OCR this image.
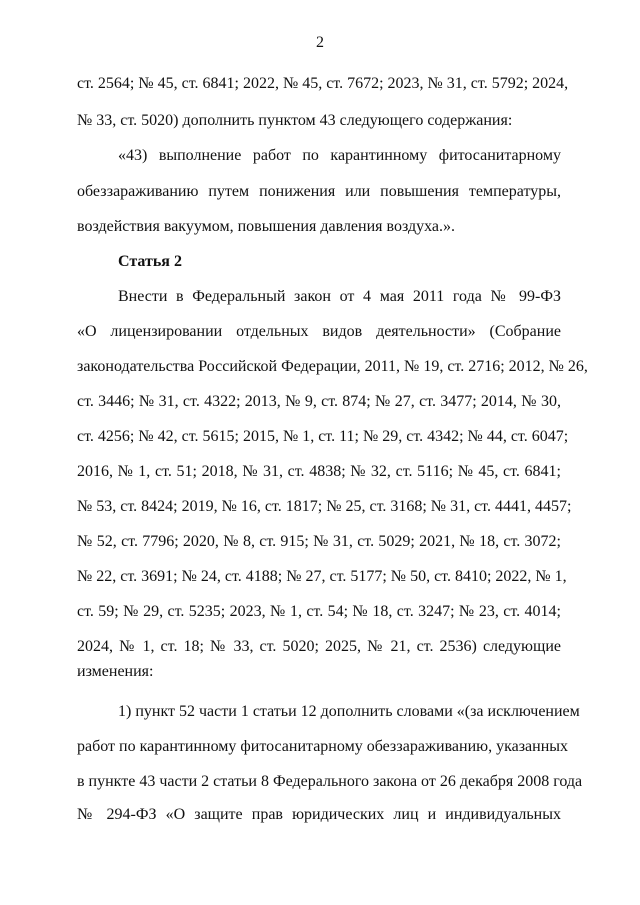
2
ст. 2564; № 45, ст. 6841; 2022, № 45, ст. 7672; 2023, № 31, ст. 5792; 2024,
№ 33, ст. 5020) дополнить пунктом 43 следующего содержания:
«43) выполнение работ по карантинному фитосанитарному
обеззараживанию путем понижения или повышения температуры,
воздействия вакуумом, повышения давления воздуха.».
Статья 2
Внести в Федеральный закон от 4 мая 2011 года № 99-ФЗ
«О лицензировании отдельных видов деятельности» (Собрание
законодательства Российской Федерации, 2011, № 19, ст. 2716; 2012, № 26,
ст. 3446; № 31, ст. 4322; 2013, № 9, ст. 874; № 27, ст. 3477; 2014, № 30,
ст. 4256; № 42, ст. 5615; 2015, № 1, ст. 11; № 29, ст. 4342; № 44, ст. 6047;
2016, № 1, ст. 51; 2018, № 31, ст. 4838; № 32, ст. 5116; № 45, ст. 6841;
№ 53, ст. 8424; 2019, № 16, ст. 1817; № 25, ст. 3168; № 31, ст. 4441, 4457;
№ 52, ст. 7796; 2020, № 8, ст. 915; № 31, ст. 5029; 2021, № 18, ст. 3072;
№ 22, ст. 3691; № 24, ст. 4188; № 27, ст. 5177; № 50, ст. 8410; 2022, № 1,
ст. 59; № 29, ст. 5235; 2023, № 1, ст. 54; № 18, ст. 3247; № 23, ст. 4014;
2024, № 1, ст. 18; № 33, ст. 5020; 2025, № 21, ст. 2536) следующие
изменения:
1) пункт 52 части 1 статьи 12 дополнить словами «(за исключением
работ по карантинному фитосанитарному обеззараживанию, указанных
в пункте 43 части 2 статьи 8 Федерального закона от 26 декабря 2008 года
№ 294-ФЗ «О защите прав юридических лиц и индивидуальных
